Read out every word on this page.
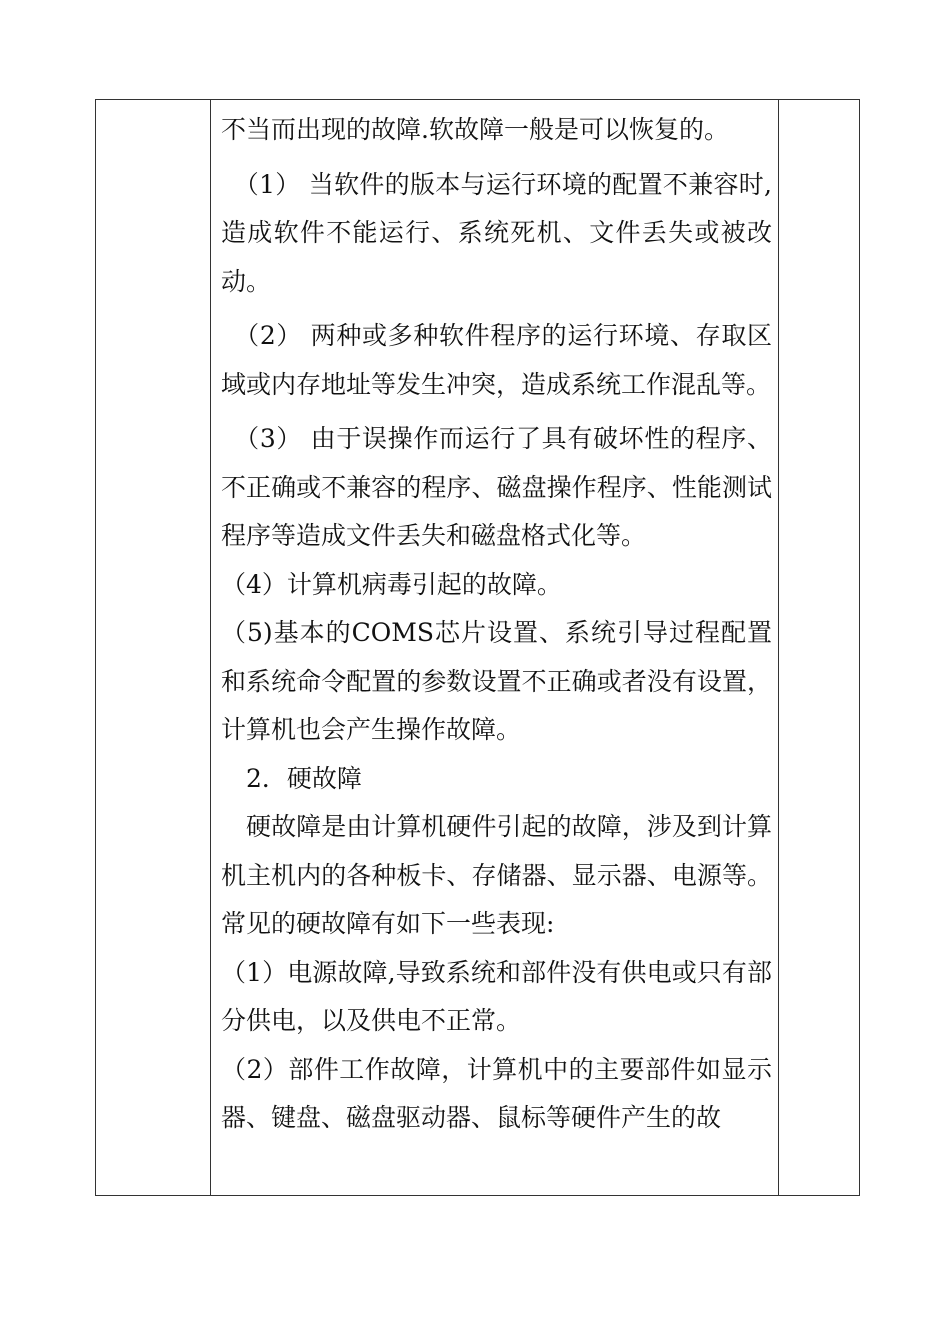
不当而出现的故障.软故障一般是可以恢复的。

　（1） 当软件的版本与运行环境的配置不兼容时,造成软件不能运行、系统死机、文件丢失或被改动。

　（2） 两种或多种软件程序的运行环境、存取区域或内存地址等发生冲突，造成系统工作混乱等。

　（3） 由于误操作而运行了具有破坏性的程序、不正确或不兼容的程序、磁盘操作程序、性能测试程序等造成文件丢失和磁盘格式化等。

（4）计算机病毒引起的故障。

（5)基本的COMS芯片设置、系统引导过程配置和系统命令配置的参数设置不正确或者没有设置，计算机也会产生操作故障。

　2．硬故障

　硬故障是由计算机硬件引起的故障，涉及到计算机主机内的各种板卡、存储器、显示器、电源等。常见的硬故障有如下一些表现:

（1）电源故障,导致系统和部件没有供电或只有部分供电，以及供电不正常。

（2）部件工作故障，计算机中的主要部件如显示器、键盘、磁盘驱动器、鼠标等硬件产生的故
